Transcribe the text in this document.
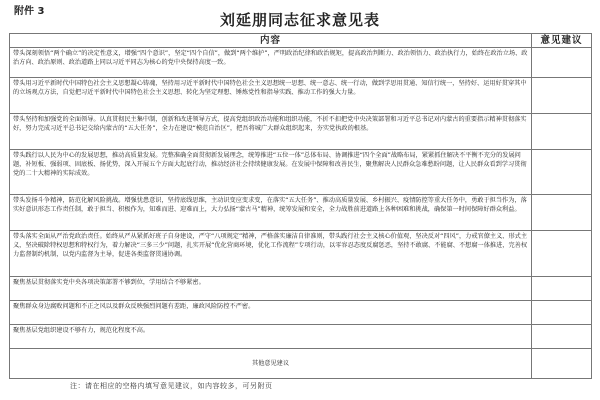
附件 3	刘延朋同志征求意见表
内容	意见建议
带头深刻领悟“两个确立”的决定性意义，增强“四个意识”，坚定“四个自信”，做到“两个维护”，严明政治纪律和政治规矩，提高政治判断力、政治领悟力、政治执行力，始终在政治立场、政治方向、政治原则、政治道路上同以习近平同志为核心的党中央保持高度一致。	
带头用习近平新时代中国特色社会主义思想凝心铸魂，坚持用习近平新时代中国特色社会主义思想统一思想、统一意志、统一行动，做到学思用贯通、知信行统一，坚持好、运用好贯穿其中的立场观点方法，自觉把习近平新时代中国特色社会主义思想、转化为坚定理想、锤炼党性和指导实践、推动工作的强大力量。	
带头坚持和加强党的全面领导。认真贯彻民主集中制，创新和改进领导方式，提高党组织政治功能和组织功能，不折不扣把党中央决策部署和习近平总书记对内蒙古的重要指示精神贯彻落实好，努力完成习近平总书记交给内蒙古的“五大任务”，全力在建设“模范自治区”，把吾将城广大群众组织起来，夯实党执政的根基。	
带头践行以人民为中心的发展思想，推动高质量发展。完整准确全面贯彻新发展理念，统筹推进“五位一体”总体布局、协调推进“四个全面”战略布局，紧紧抓住解决不平衡不充分的发展问题，补短板、强弱项、固底板、扬优势，深入开展五个方面大起底行动，推动经济社会持续健康发展。在发展中保障和改善民生，聚焦解决人民群众急难愁盼问题，让人民群众看到学习贯彻党的二十大精神的实际成效。	
带头发扬斗争精神，防范化解风险挑战。增强忧患意识，坚持底线思维，主动识变应变求变，在落实“五大任务”、推动高质量发展、乡村振兴、疫情防控等重大任务中，勇敢于担当作为，落实好意识形态工作责任制，敢于担当、积极作为，知难而进、迎难而上，大力弘扬“蒙古马”精神，统筹发展和安全，全力战胜前进道路上各种困难和挑战，确保第一时间保障好群众利益。	
带头落实全面从严治党政治责任。始终从严从紧抓好班子自身建设，严守“八项规定”精神，严格落实廉洁自律准则，带头践行社会主义核心价值观，坚决反对“四风”，力戒官僚主义、形式主义，坚决破除特权思想和特权行为，着力解决“三多三少”问题，扎实开展“优化营商环境，优化工作流程”专项行动，以零容忍态度反腐惩恶，坚持不敢腐、不能腐、不想腐一体推进，完善权力监督制约机制，以党内监督为主导，促进各类监督贯通协调。	
聚焦基层贯彻落实党中央各项决策部署不够到位，学用结合不够紧密。	
聚焦群众身边腐败问题和不正之风以及群众反映强烈问题有差距，廉政风险防控不严密。	
聚焦基层党组织建设不够有力，规范化程度不高。	
其他意见建议	
注：请在相应的空格内填写意见建议，如内容较多，可另附页
